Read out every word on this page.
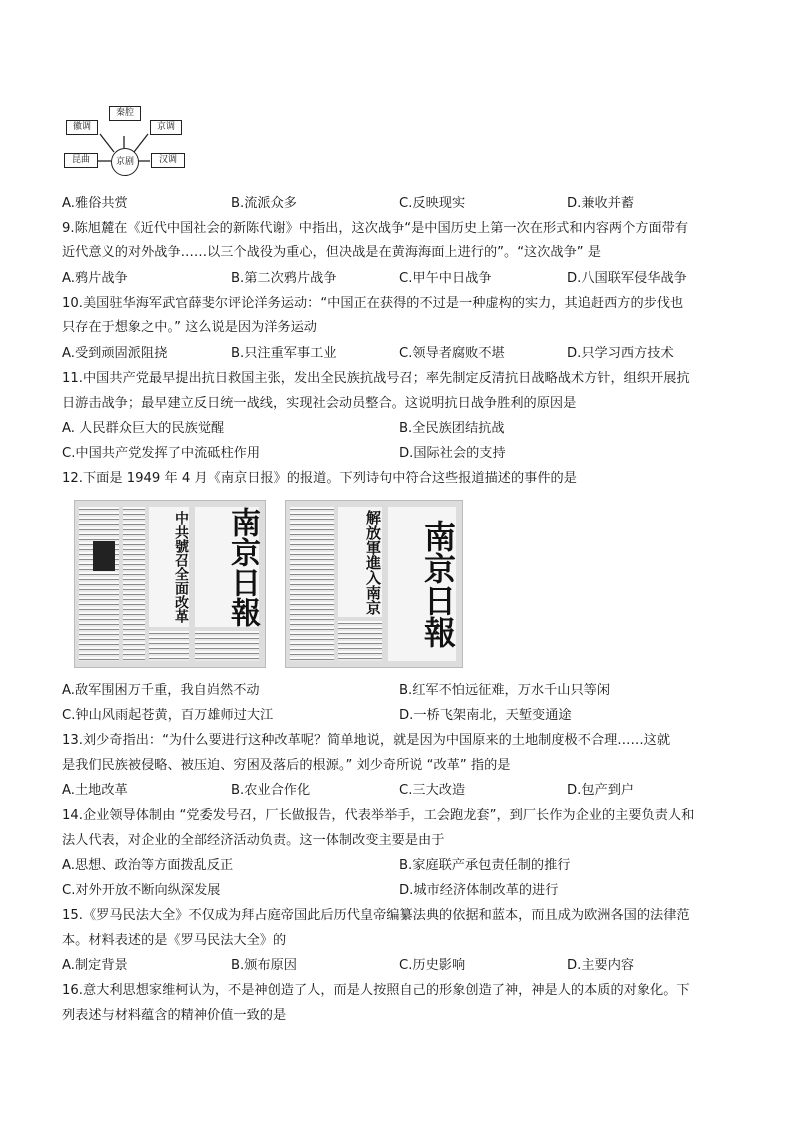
徽调
秦腔
京调
昆曲	汉调
京剧
A.雅俗共赏	B.流派众多	C.反映现实	D.兼收并蓄
9.陈旭麓在《近代中国社会的新陈代谢》中指出，这次战争“是中国历史上第一次在形式和内容两个方面带有
近代意义的对外战争……以三个战役为重心，但决战是在黄海海面上进行的”。“这次战争” 是
A.鸦片战争	B.第二次鸦片战争	C.甲午中日战争	D.八国联军侵华战争
10.美国驻华海军武官薛斐尔评论洋务运动：“中国正在获得的不过是一种虚构的实力，其追赶西方的步伐也
只存在于想象之中。” 这么说是因为洋务运动
A.受到顽固派阻挠	B.只注重军事工业	C.领导者腐败不堪	D.只学习西方技术
11.中国共产党最早提出抗日救国主张，发出全民族抗战号召；率先制定反清抗日战略战术方针，组织开展抗
日游击战争；最早建立反日统一战线，实现社会动员整合。这说明抗日战争胜利的原因是
A. 人民群众巨大的民族觉醒	B.全民族团结抗战
C.中国共产党发挥了中流砥柱作用	D.国际社会的支持
12.下面是 1949 年 4 月《南京日报》的报道。下列诗句中符合这些报道描述的事件的是
中共號召全面改革	南京日報	解放軍進入南京	南京日報
A.敌军围困万千重，我自岿然不动	B.红军不怕远征难，万水千山只等闲
C.钟山风雨起苍黄，百万雄师过大江	D.一桥飞架南北，天堑变通途
13.刘少奇指出：“为什么要进行这种改革呢？简单地说，就是因为中国原来的土地制度极不合理……这就
是我们民族被侵略、被压迫、穷困及落后的根源。” 刘少奇所说 “改革” 指的是
A.土地改革	B.农业合作化	C.三大改造	D.包产到户
14.企业领导体制由 “党委发号召，厂长做报告，代表举举手，工会跑龙套”，到厂长作为企业的主要负责人和
法人代表，对企业的全部经济活动负责。这一体制改变主要是由于
A.思想、政治等方面拨乱反正	B.家庭联产承包责任制的推行
C.对外开放不断向纵深发展	D.城市经济体制改革的进行
15.《罗马民法大全》不仅成为拜占庭帝国此后历代皇帝编纂法典的依据和蓝本，而且成为欧洲各国的法律范
本。材料表述的是《罗马民法大全》的
A.制定背景	B.颁布原因	C.历史影响	D.主要内容
16.意大利思想家维柯认为，不是神创造了人，而是人按照自己的形象创造了神，神是人的本质的对象化。下
列表述与材料蕴含的精神价值一致的是
